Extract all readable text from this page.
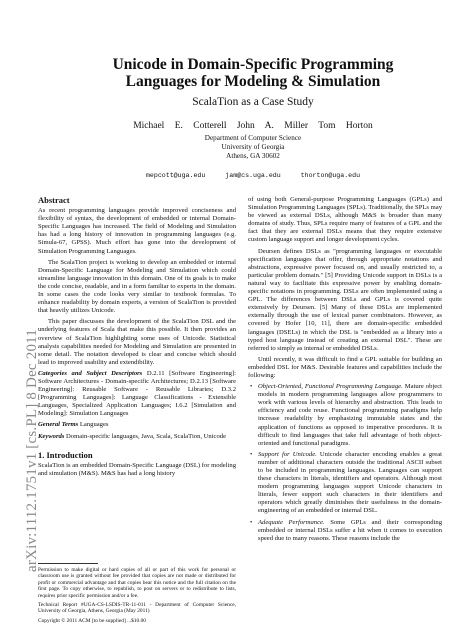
arXiv:1112.1751v1 [cs.PL] 8 Dec 2011
Unicode in Domain-Specific Programming
Languages for Modeling & Simulation
ScalaTion as a Case Study
Michael E. Cotterell John A. Miller Tom Horton
Department of Computer Science
University of Georgia
Athens, GA 30602
mepcott@uga.edu	jam@cs.uga.edu	thorton@uga.edu
Abstract

As recent programming languages provide improved conciseness and flexibility of syntax, the development of embedded or internal Domain-Specific Languages has increased. The field of Modeling and Simulation has had a long history of innovation in programming languages (e.g. Simula-67, GPSS). Much effort has gone into the development of Simulation Programming Languages.

The ScalaTion project is working to develop an embedded or internal Domain-Specific Language for Modeling and Simulation which could streamline language innovation in this domain. One of its goals is to make the code concise, readable, and in a form familiar to experts in the domain. In some cases the code looks very similar to textbook formulas. To enhance readability by domain experts, a version of ScalaTion is provided that heavily utilizes Unicode.

This paper discusses the development of the ScalaTion DSL and the underlying features of Scala that make this possible. It then provides an overview of ScalaTion highlighting some uses of Unicode. Statistical analysis capabilities needed for Modeling and Simulation are presented in some detail. The notation developed is clear and concise which should lead to improved usability and extendibility.

Categories and Subject Descriptors D.2.11 [Software Engineering]: Software Architectures - Domain-specific Architectures; D.2.13 [Software Engineering]: Reusable Software - Reusable Libraries; D.3.2 [Programming Languages]: Language Classifications - Extensible Languages, Specialized Application Languages; I.6.2 [Simulation and Modeling]: Simulation Languages

General Terms Languages

Keywords Domain-specific languages, Java, Scala, ScalaTion, Unicode

1. Introduction

ScalaTion is an embedded Domain-Specific Language (DSL) for modeling and simulation (M&S). M&S has had a long history

Permission to make digital or hard copies of all or part of this work for personal or classroom use is granted without fee provided that copies are not made or distributed for profit or commercial advantage and that copies bear this notice and the full citation on the first page. To copy otherwise, to republish, to post on servers or to redistribute to lists, requires prior specific permission and/or a fee.

Technical Report #UGA-CS-LSDIS-TR-11-011 - Department of Computer Science, University of Georgia, Athens, Georgia (May 2011)

Copyright © 2011 ACM [to be supplied] ...$10.00

of using both General-purpose Programming Languages (GPLs) and Simulation Programming Languages (SPLs). Traditionally, the SPLs may be viewed as external DSLs, although M&S is broader than many domains of study. Thus, SPLs require many of features of a GPL and the fact that they are external DSLs means that they require extensive custom language support and longer development cycles.

Deursen defines DSLs as "programming languages or executable specification languages that offer, through appropriate notations and abstractions, expressive power focused on, and usually restricted to, a particular problem domain." [5] Providing Unicode support in DSLs is a natural way to facilitate this expressive power by enabling domain-specific notations in programming. DSLs are often implemented using a GPL. The differences between DSLs and GPLs is covered quite extensively by Deursen. [5] Many of these DSLs are implemented externally through the use of lexical parser combinators. However, as covered by Hofer [10, 11], there are domain-specific embedded languages (DSELs) in which the DSL is "embedded as a library into a typed host language instead of creating an external DSL". These are referred to simply as internal or embedded DSLs.

Until recently, it was difficult to find a GPL suitable for building an embedded DSL for M&S. Desirable features and capabilities include the following:

• Object-Oriented, Functional Programming Language. Mature object models in modern programming languages allow programmers to work with various levels of hierarchy and abstraction. This leads to efficiency and code reuse. Functional programming paradigms help increase readability by emphasizing immutable states and the application of functions as opposed to imperative procedures. It is difficult to find languages that take full advantage of both object-oriented and functional paradigms.
• Support for Unicode. Unicode character encoding enables a great number of additional characters outside the traditional ASCII subset to be included in programming languages. Languages can support these characters in literals, identifiers and operators. Although most modern programming languages support Unicode characters in literals, fewer support such characters in their identifiers and operators which greatly diminishes their usefulness in the domain-engineering of an embedded or internal DSL.
• Adequate Performance. Some GPLs and their corresponding embedded or internal DSLs suffer a hit when it comes to execution speed due to many reasons. These reasons include the
